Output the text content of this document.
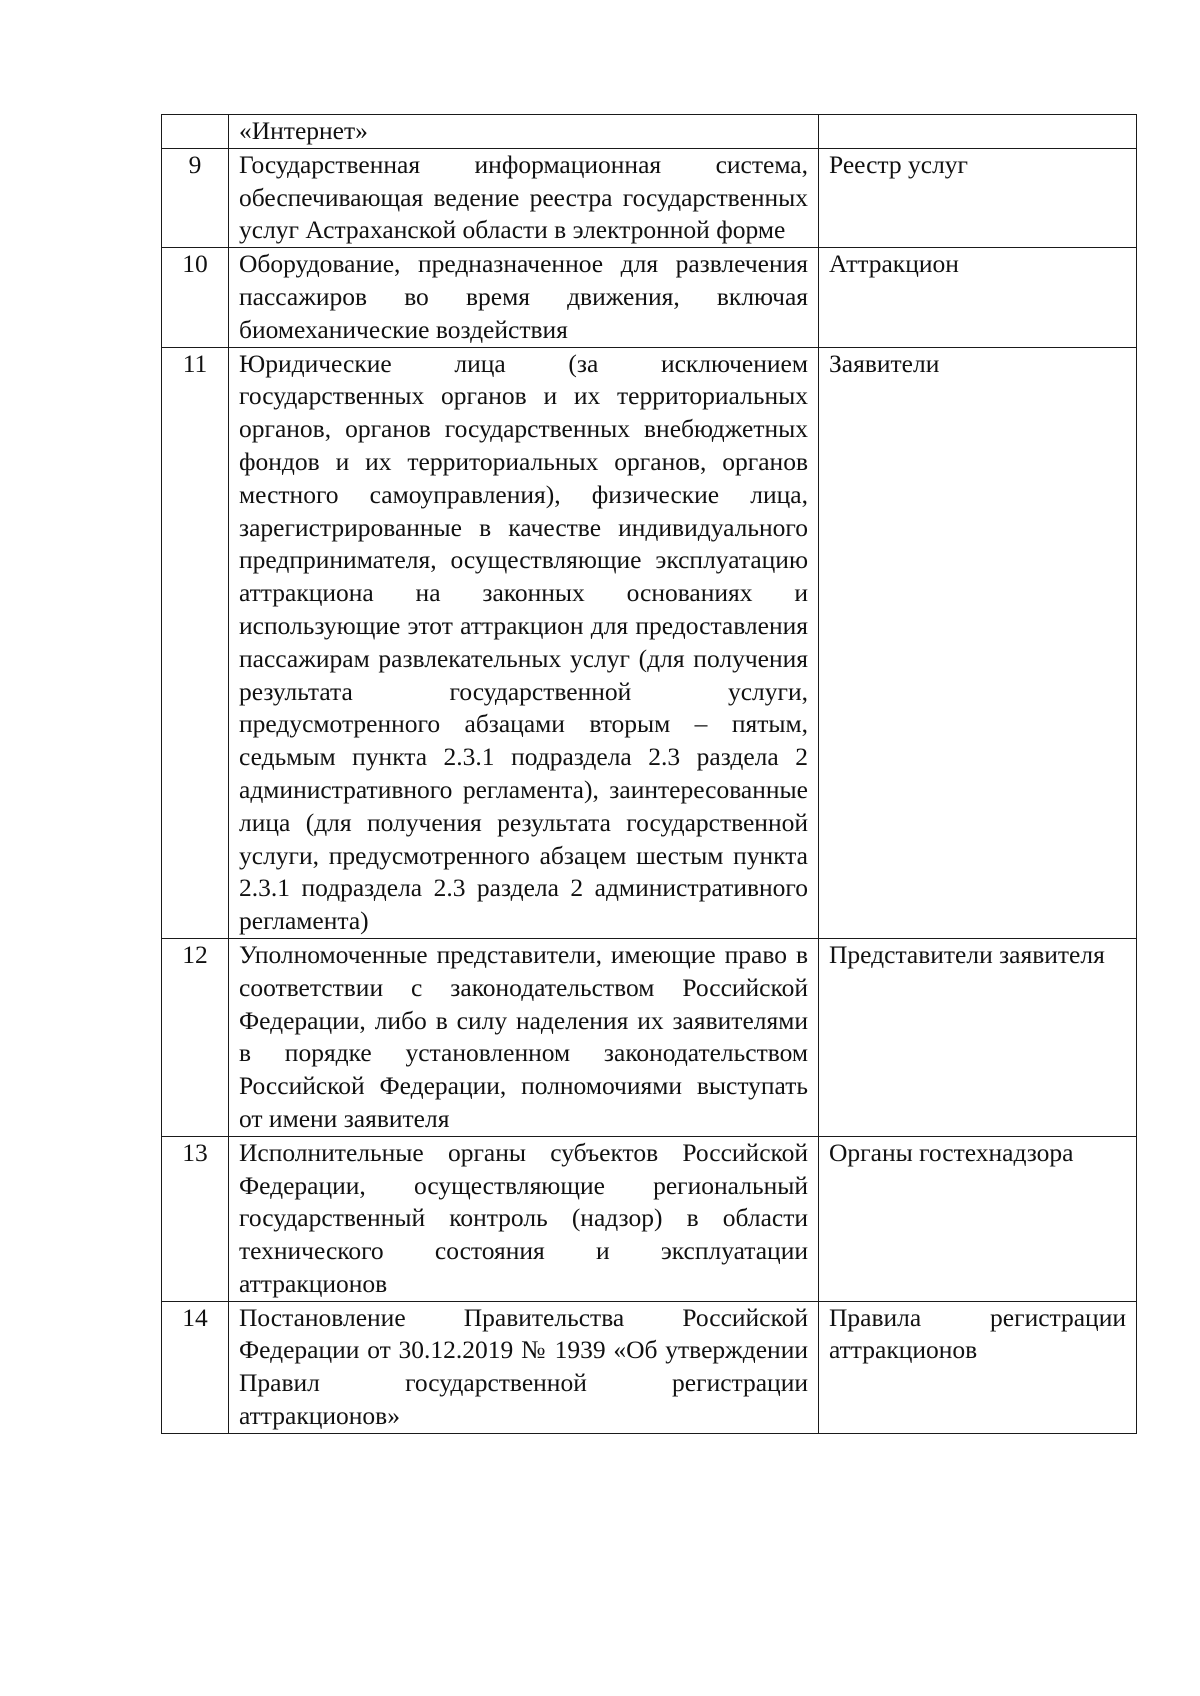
	«Интернет»	
9	Государственная информационная система, обеспечивающая ведение реестра государственных услуг Астраханской области в электронной форме	Реестр услуг
10	Оборудование, предназначенное для развлечения пассажиров во время движения, включая биомеханические воздействия	Аттракцион
11	Юридические лица (за исключением государственных органов и их территориальных органов, органов государственных внебюджетных фондов и их территориальных органов, органов местного самоуправления), физические лица, зарегистрированные в качестве индивидуального предпринимателя, осуществляющие эксплуатацию аттракциона на законных основаниях и использующие этот аттракцион для предоставления пассажирам развлекательных услуг (для получения результата государственной услуги, предусмотренного абзацами вторым – пятым, седьмым пункта 2.3.1 подраздела 2.3 раздела 2 административного регламента), заинтересованные лица (для получения результата государственной услуги, предусмотренного абзацем шестым пункта 2.3.1 подраздела 2.3 раздела 2 административного регламента)	Заявители
12	Уполномоченные представители, имеющие право в соответствии с законодательством Российской Федерации, либо в силу наделения их заявителями в порядке установленном законодательством Российской Федерации, полномочиями выступать от имени заявителя	Представители заявителя
13	Исполнительные органы субъектов Российской Федерации, осуществляющие региональный государственный контроль (надзор) в области технического состояния и эксплуатации аттракционов	Органы гостехнадзора
14	Постановление Правительства Российской Федерации от 30.12.2019 № 1939 «Об утверждении Правил государственной регистрации аттракционов»	Правила регистрации аттракционов
